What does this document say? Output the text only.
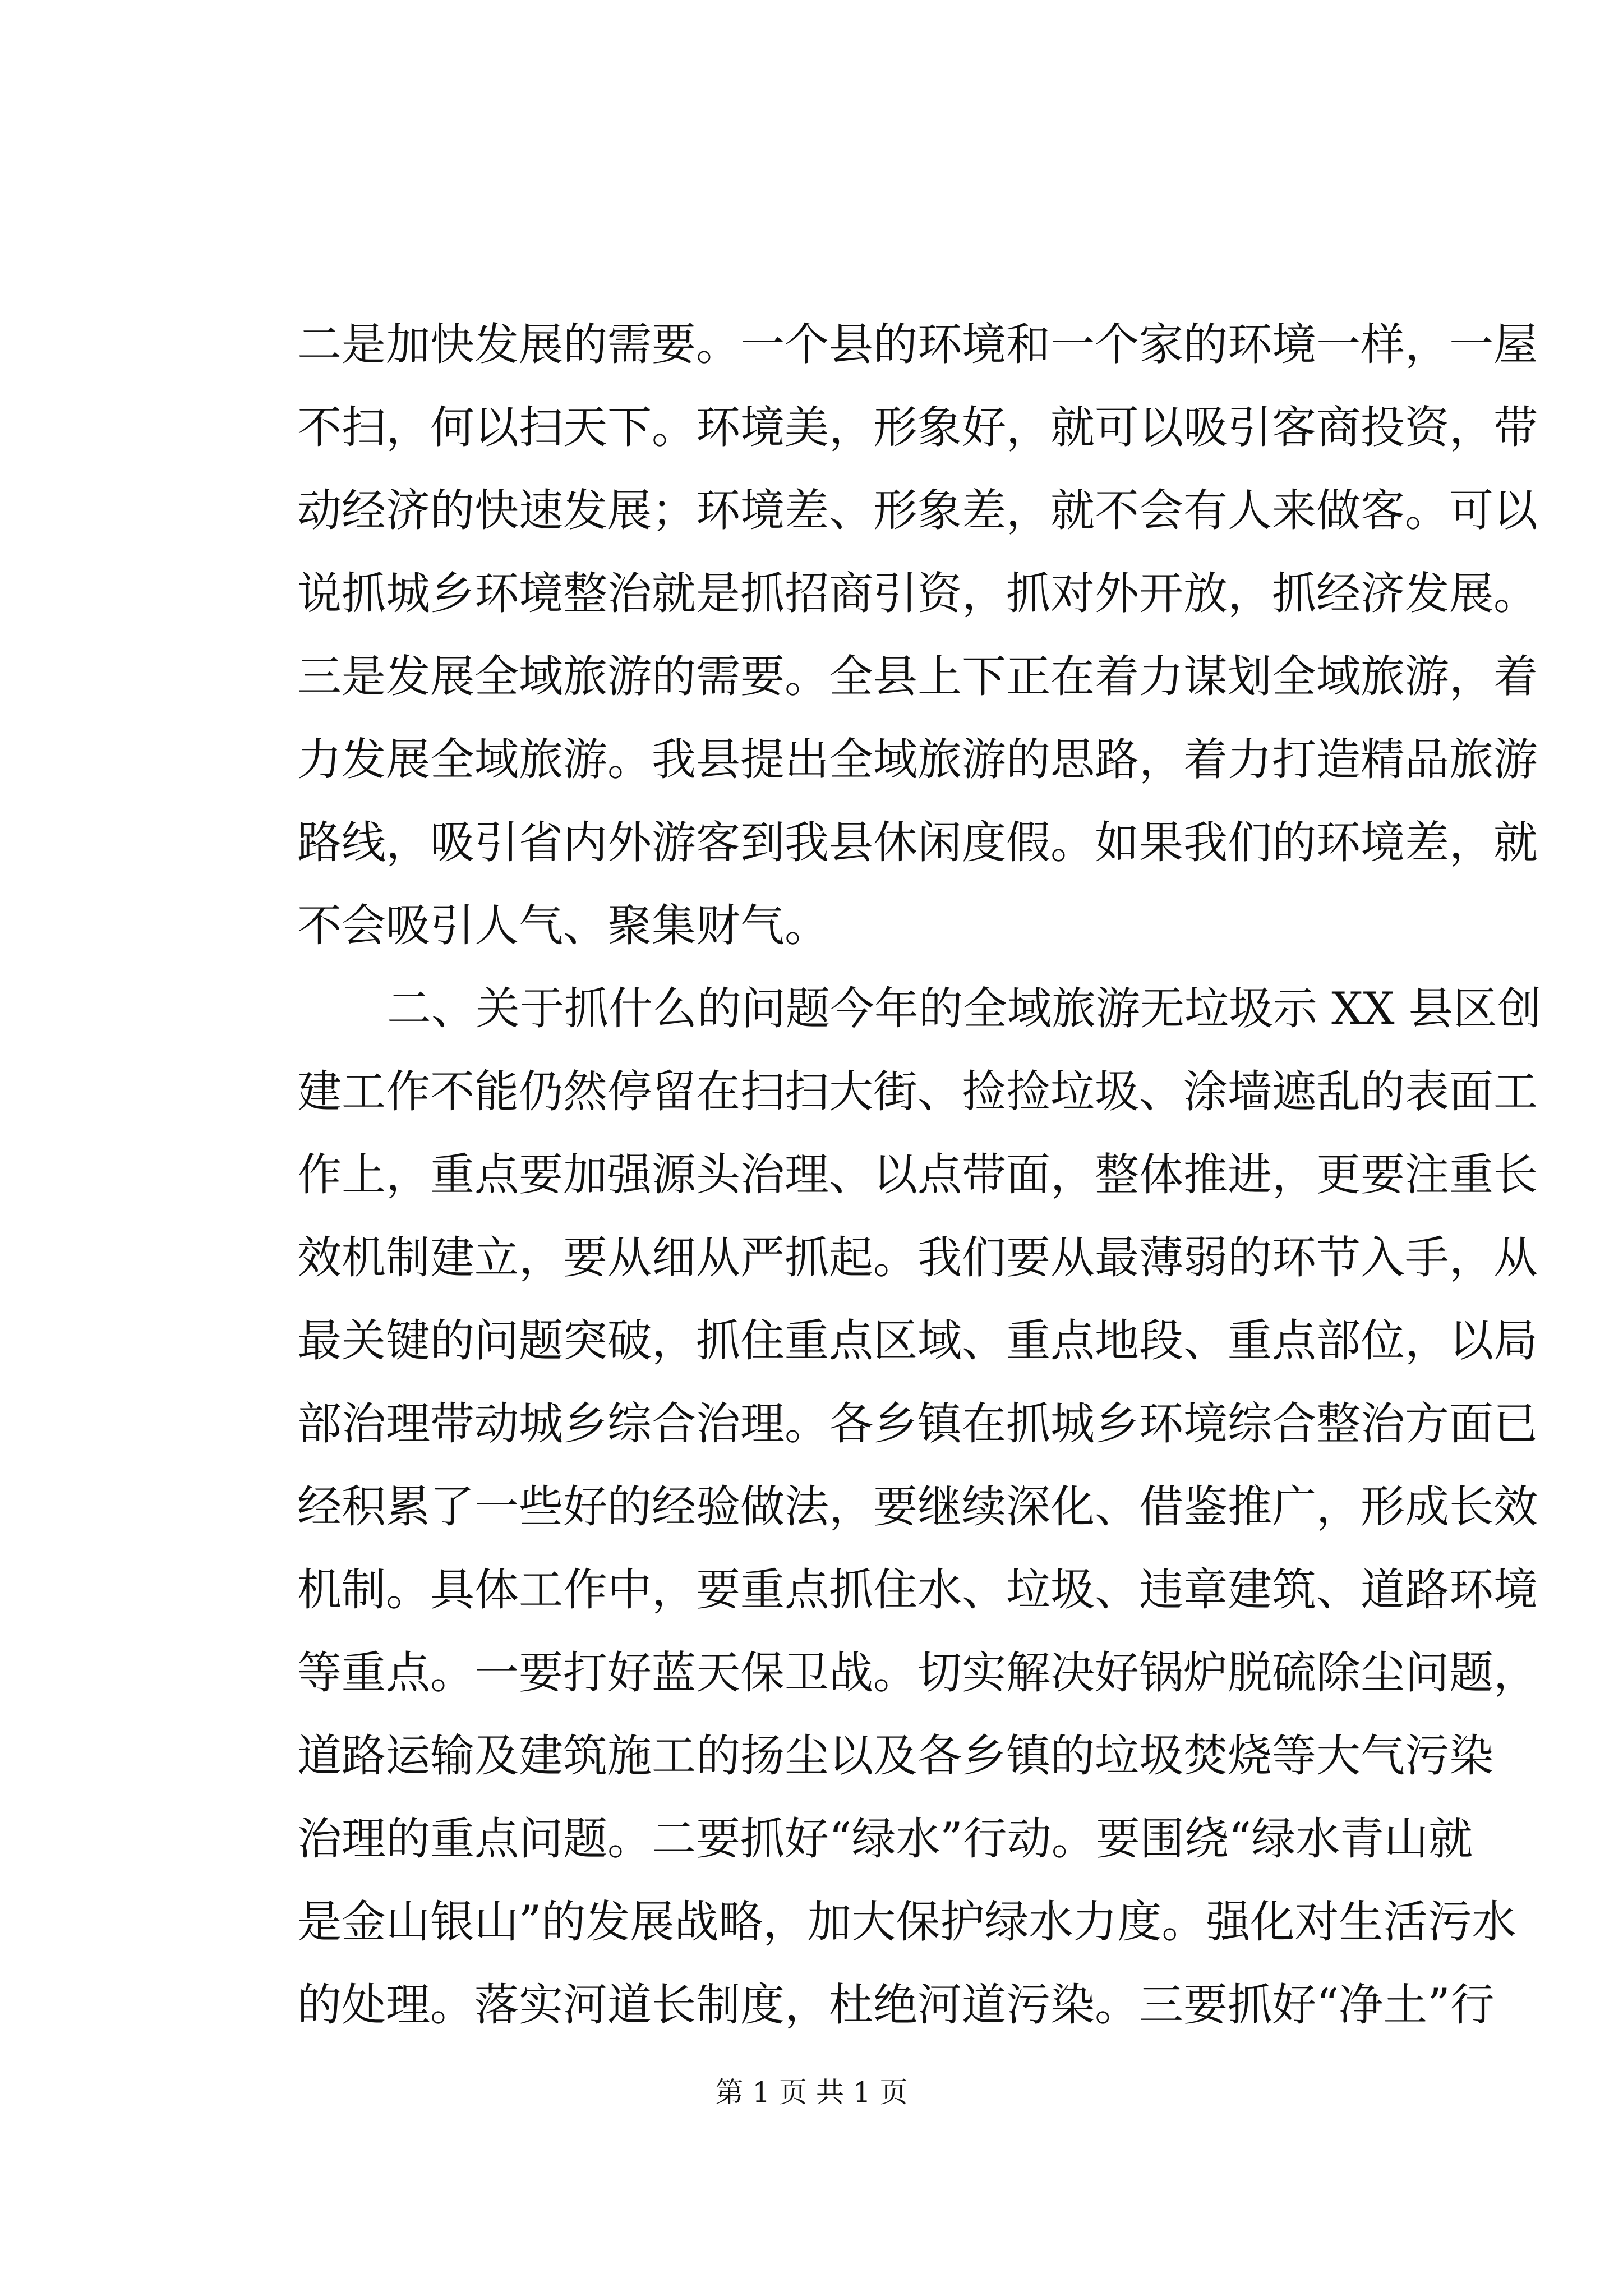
二是加快发展的需要。一个县的环境和一个家的环境一样，一屋

不扫，何以扫天下。环境美，形象好，就可以吸引客商投资，带

动经济的快速发展；环境差、形象差，就不会有人来做客。可以

说抓城乡环境整治就是抓招商引资，抓对外开放，抓经济发展。

三是发展全域旅游的需要。全县上下正在着力谋划全域旅游，着

力发展全域旅游。我县提出全域旅游的思路，着力打造精品旅游

路线，吸引省内外游客到我县休闲度假。如果我们的环境差，就

不会吸引人气、聚集财气。

二、关于抓什么的问题今年的全域旅游无垃圾示 XX 县区创

建工作不能仍然停留在扫扫大街、捡捡垃圾、涂墙遮乱的表面工

作上，重点要加强源头治理、以点带面，整体推进，更要注重长

效机制建立，要从细从严抓起。我们要从最薄弱的环节入手，从

最关键的问题突破，抓住重点区域、重点地段、重点部位，以局

部治理带动城乡综合治理。各乡镇在抓城乡环境综合整治方面已

经积累了一些好的经验做法，要继续深化、借鉴推广，形成长效

机制。具体工作中，要重点抓住水、垃圾、违章建筑、道路环境

等重点。一要打好蓝天保卫战。切实解决好锅炉脱硫除尘问题，

道路运输及建筑施工的扬尘以及各乡镇的垃圾焚烧等大气污染

治理的重点问题。二要抓好“绿水”行动。要围绕“绿水青山就

是金山银山”的发展战略，加大保护绿水力度。强化对生活污水

的处理。落实河道长制度，杜绝河道污染。三要抓好“净土”行

第 1 页 共 1 页
